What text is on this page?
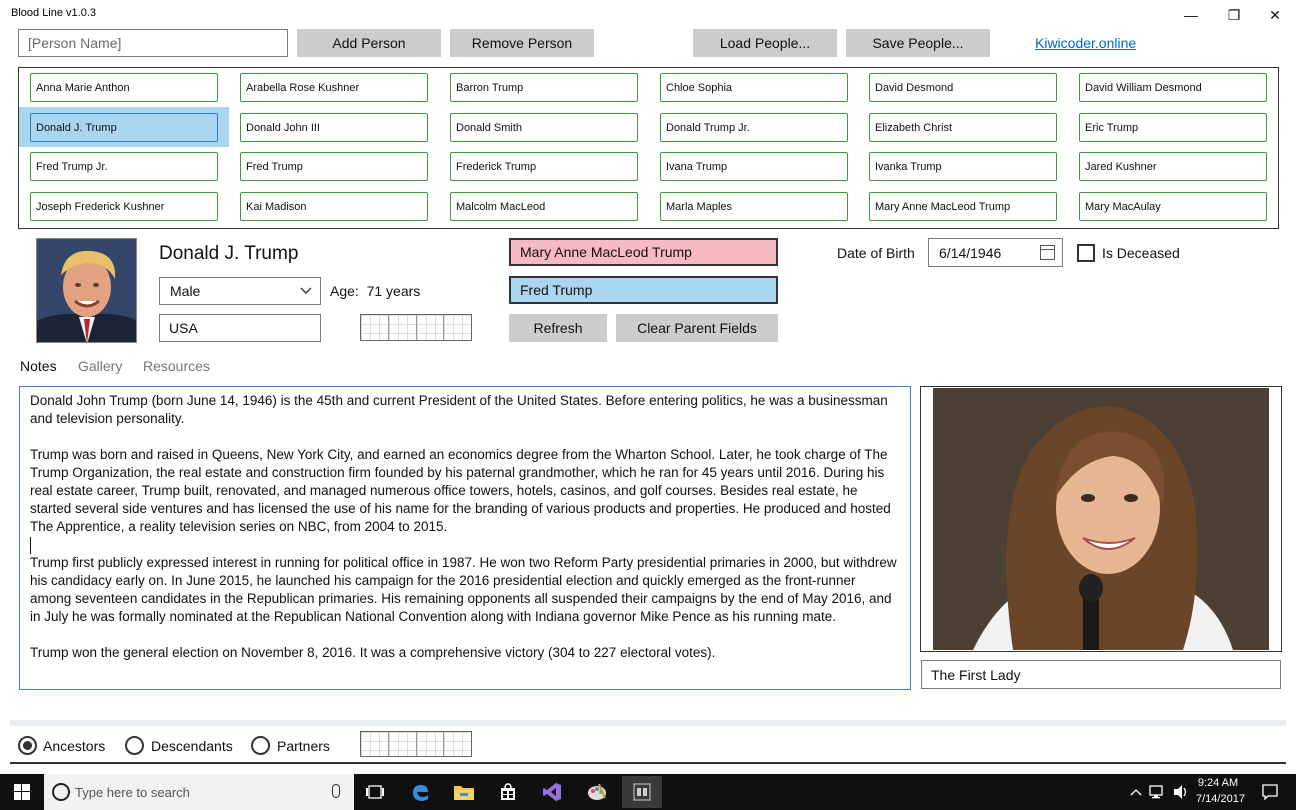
Blood Line v1.0.3	— ❐ ✕
[Person Name]	Add Person	Remove Person	Load People...	Save People...	Kiwicoder.online
Anna Marie Anthon	Arabella Rose Kushner	Barron Trump	Chloe Sophia	David Desmond	David William Desmond
Donald J. Trump	Donald John III	Donald Smith	Donald Trump Jr.	Elizabeth Christ	Eric Trump
Fred Trump Jr.	Fred Trump	Frederick Trump	Ivana Trump	Ivanka Trump	Jared Kushner
Joseph Frederick Kushner	Kai Madison	Malcolm MacLeod	Marla Maples	Mary Anne MacLeod Trump	Mary MacAulay
Donald J. Trump
Male	Age: 71 years
USA
Mary Anne MacLeod Trump
Fred Trump
Refresh	Clear Parent Fields
Date of Birth 6/14/1946	Is Deceased
Notes Gallery Resources

Donald John Trump (born June 14, 1946) is the 45th and current President of the United States. Before entering politics, he was a businessman and television personality.

Trump was born and raised in Queens, New York City, and earned an economics degree from the Wharton School. Later, he took charge of The Trump Organization, the real estate and construction firm founded by his paternal grandmother, which he ran for 45 years until 2016. During his real estate career, Trump built, renovated, and managed numerous office towers, hotels, casinos, and golf courses. Besides real estate, he started several side ventures and has licensed the use of his name for the branding of various products and properties. He produced and hosted The Apprentice, a reality television series on NBC, from 2004 to 2015.

Trump first publicly expressed interest in running for political office in 1987. He won two Reform Party presidential primaries in 2000, but withdrew his candidacy early on. In June 2015, he launched his campaign for the 2016 presidential election and quickly emerged as the front-runner among seventeen candidates in the Republican primaries. His remaining opponents all suspended their campaigns by the end of May 2016, and in July he was formally nominated at the Republican National Convention along with Indiana governor Mike Pence as his running mate.

Trump won the general election on November 8, 2016. It was a comprehensive victory (304 to 227 electoral votes).

The First Lady
Ancestors	Descendants	Partners
Type here to search
9:24 AM
7/14/2017
